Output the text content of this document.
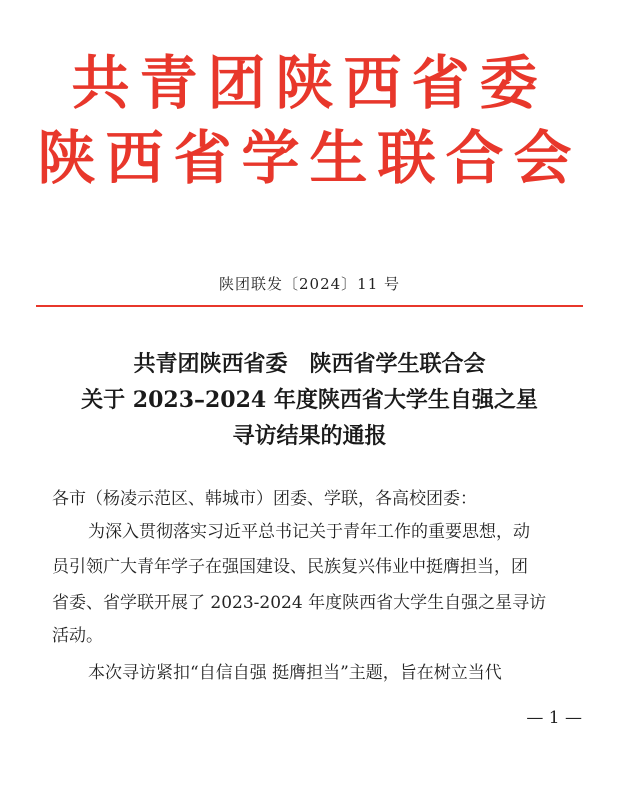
共青团陕西省委
陕西省学生联合会
陕团联发〔2024〕11 号
共青团陕西省委　陕西省学生联合会
关于 2023–2024 年度陕西省大学生自强之星
寻访结果的通报
各市（杨凌示范区、韩城市）团委、学联，各高校团委：
为深入贯彻落实习近平总书记关于青年工作的重要思想，动
员引领广大青年学子在强国建设、民族复兴伟业中挺膺担当，团
省委、省学联开展了 2023-2024 年度陕西省大学生自强之星寻访
活动。
本次寻访紧扣“自信自强 挺膺担当”主题，旨在树立当代
— 1 —
